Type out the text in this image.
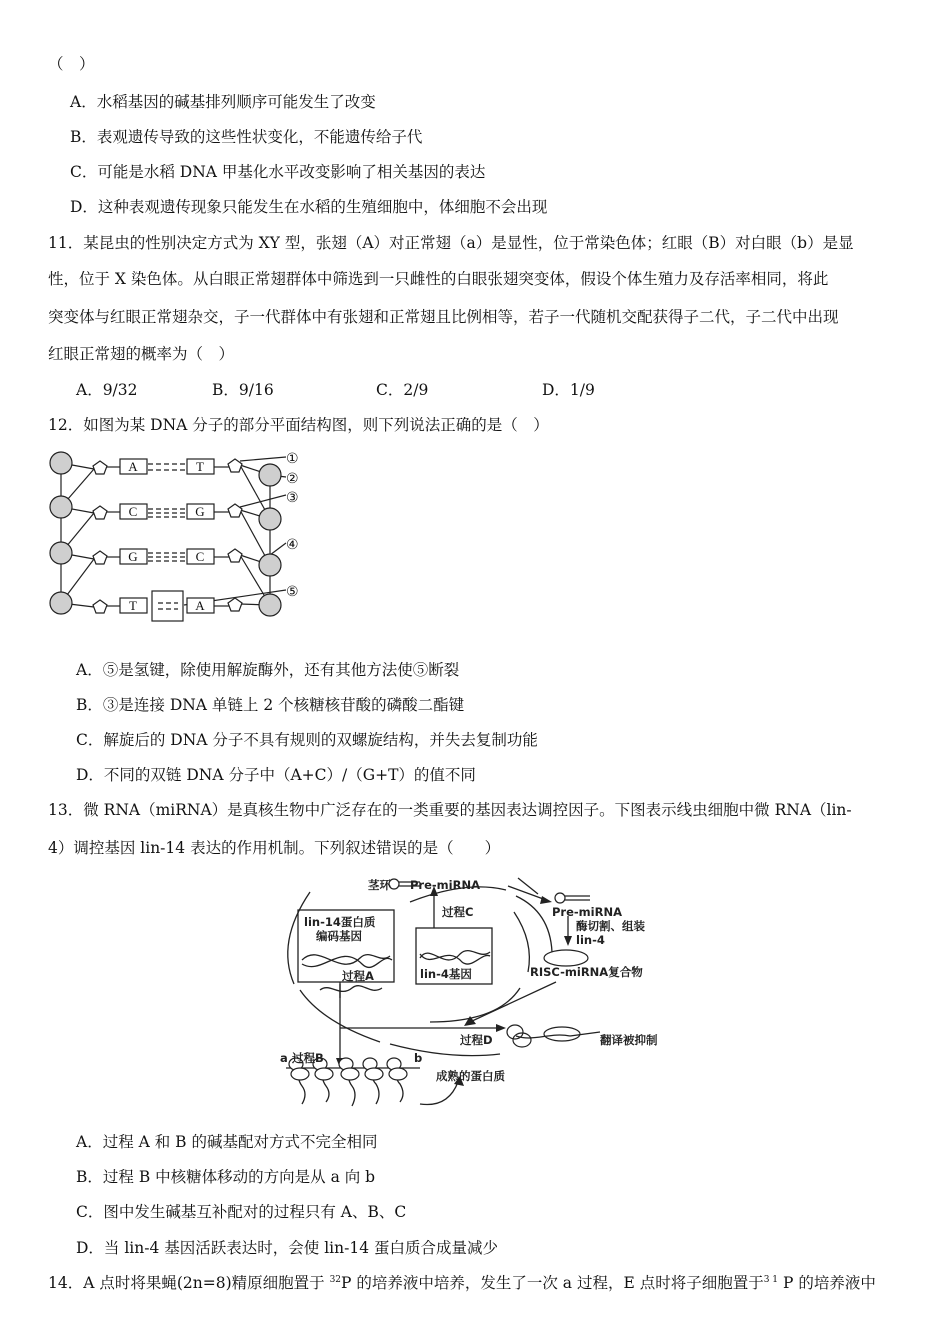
（　）
A．水稻基因的碱基排列顺序可能发生了改变
B．表观遗传导致的这些性状变化，不能遗传给子代
C．可能是水稻 DNA 甲基化水平改变影响了相关基因的表达
D．这种表观遗传现象只能发生在水稻的生殖细胞中，体细胞不会出现
11．某昆虫的性别决定方式为 XY 型，张翅（A）对正常翅（a）是显性，位于常染色体；红眼（B）对白眼（b）是显
性，位于 X 染色体。从白眼正常翅群体中筛选到一只雌性的白眼张翅突变体，假设个体生殖力及存活率相同，将此
突变体与红眼正常翅杂交，子一代群体中有张翅和正常翅且比例相等，若子一代随机交配获得子二代，子二代中出现
红眼正常翅的概率为（　）
A．9/32	B．9/16	C．2/9	D．1/9
12．如图为某 DNA 分子的部分平面结构图，则下列说法正确的是（　）
A
C
G
T
T
G
C
A
①
②
③
④
⑤
A．⑤是氢键，除使用解旋酶外，还有其他方法使⑤断裂
B．③是连接 DNA 单链上 2 个核糖核苷酸的磷酸二酯键
C．解旋后的 DNA 分子不具有规则的双螺旋结构，并失去复制功能
D．不同的双链 DNA 分子中（A+C）/（G+T）的值不同
13．微 RNA（miRNA）是真核生物中广泛存在的一类重要的基因表达调控因子。下图表示线虫细胞中微 RNA（lin-
4）调控基因 lin-14 表达的作用机制。下列叙述错误的是（　　）
茎环 Pre-miRNA
Pre-miRNA
过程C
lin-14蛋白质
编码基因
lin-4基因
过程A
酶切割、组装
lin-4
RISC-miRNA复合物
过程D	翻译被抑制
过程B
a	b
成熟的蛋白质
A．过程 A 和 B 的碱基配对方式不完全相同
B．过程 B 中核糖体移动的方向是从 a 向 b
C．图中发生碱基互补配对的过程只有 A、B、C
D．当 lin-4 基因活跃表达时，会使 lin-14 蛋白质合成量减少
14．A 点时将果蝇(2n=8)精原细胞置于 $^{32}$P 的培养液中培养，发生了一次 a 过程，E 点时将子细胞置于$^{3 1}$ P 的培养液中
